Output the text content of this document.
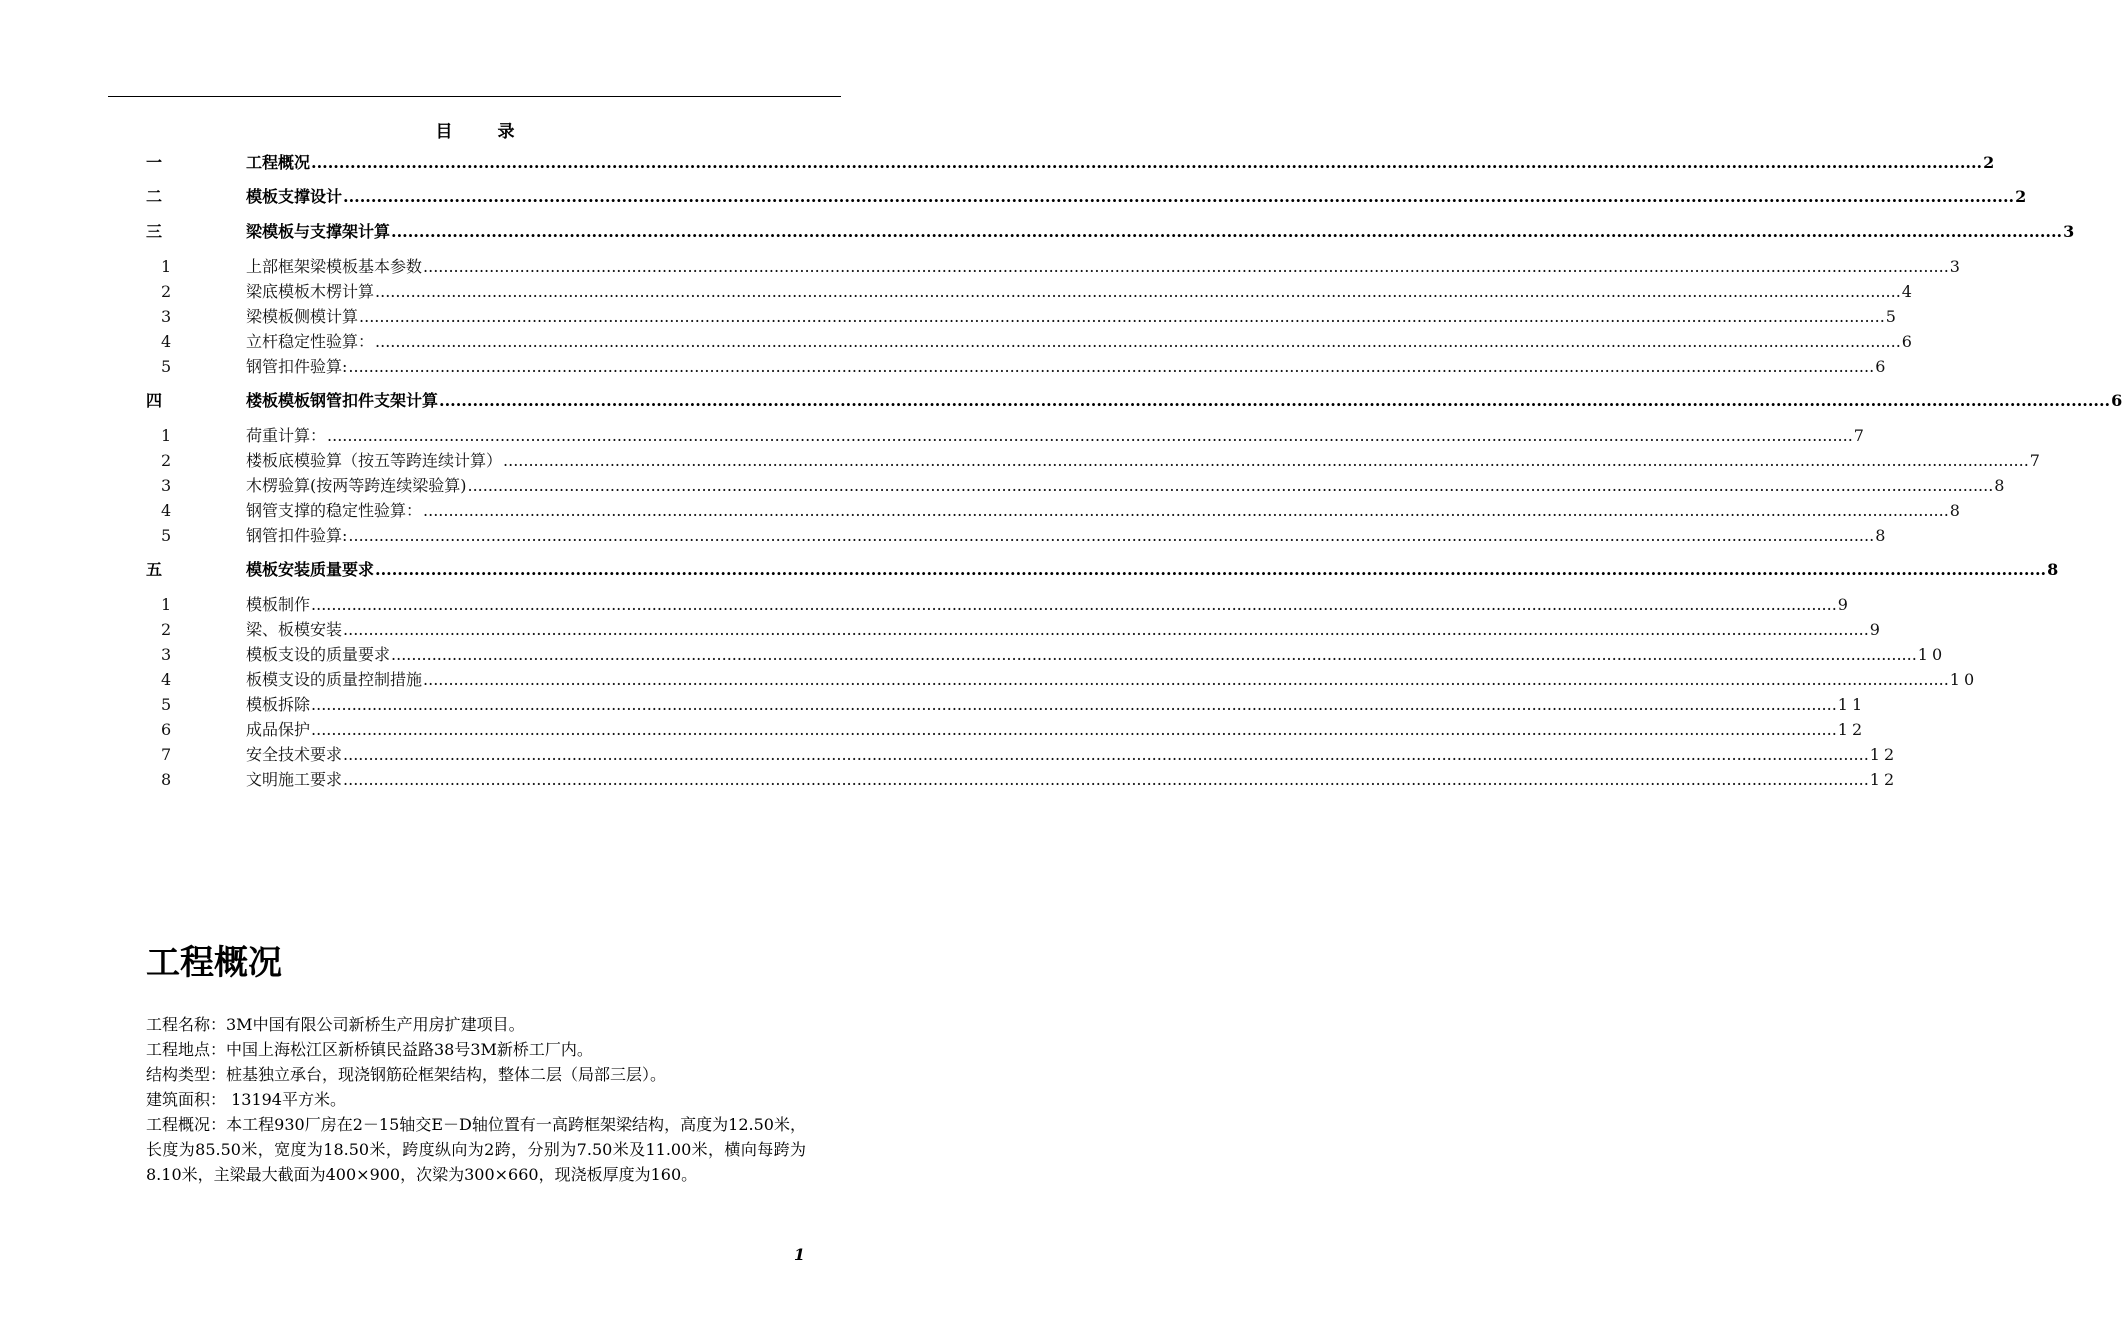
目　录
一	工程概况 ............................................................................................................................................................................................................................................................................................................ 2
二	模板支撑设计 ............................................................................................................................................................................................................................................................................................................ 2
三	梁模板与支撑架计算 ............................................................................................................................................................................................................................................................................................................ 3
1	上部框架梁模板基本参数 ............................................................................................................................................................................................................................................................................................................ 3
2	梁底模板木楞计算 ............................................................................................................................................................................................................................................................................................................ 4
3	梁模板侧模计算 ............................................................................................................................................................................................................................................................................................................ 5
4	立杆稳定性验算： ............................................................................................................................................................................................................................................................................................................ 6
5	钢管扣件验算: ............................................................................................................................................................................................................................................................................................................ 6
四	楼板模板钢管扣件支架计算 ............................................................................................................................................................................................................................................................................................................ 6
1	荷重计算： ............................................................................................................................................................................................................................................................................................................ 7
2	楼板底模验算（按五等跨连续计算） ............................................................................................................................................................................................................................................................................................................ 7
3	木楞验算(按两等跨连续梁验算) ............................................................................................................................................................................................................................................................................................................ 8
4	钢管支撑的稳定性验算： ............................................................................................................................................................................................................................................................................................................ 8
5	钢管扣件验算: ............................................................................................................................................................................................................................................................................................................ 8
五	模板安装质量要求 ............................................................................................................................................................................................................................................................................................................ 8
1	模板制作 ............................................................................................................................................................................................................................................................................................................ 9
2	梁、板模安装 ............................................................................................................................................................................................................................................................................................................ 9
3	模板支设的质量要求 ............................................................................................................................................................................................................................................................................................................ 10
4	板模支设的质量控制措施 ............................................................................................................................................................................................................................................................................................................ 10
5	模板拆除 ............................................................................................................................................................................................................................................................................................................ 11
6	成品保护 ............................................................................................................................................................................................................................................................................................................ 12
7	安全技术要求 ............................................................................................................................................................................................................................................................................................................ 12
8	文明施工要求 ............................................................................................................................................................................................................................................................................................................ 12
工程概况

工程名称：3M中国有限公司新桥生产用房扩建项目。

工程地点：中国上海松江区新桥镇民益路38号3M新桥工厂内。

结构类型：桩基独立承台，现浇钢筋砼框架结构，整体二层（局部三层）。

建筑面积： 13194平方米。

工程概况：本工程930厂房在2－15轴交E－D轴位置有一高跨框架梁结构，高度为12.50米，长度为85.50米，宽度为18.50米，跨度纵向为2跨，分别为7.50米及11.00米，横向每跨为8.10米，主梁最大截面为400×900，次梁为300×660，现浇板厚度为160。

1
